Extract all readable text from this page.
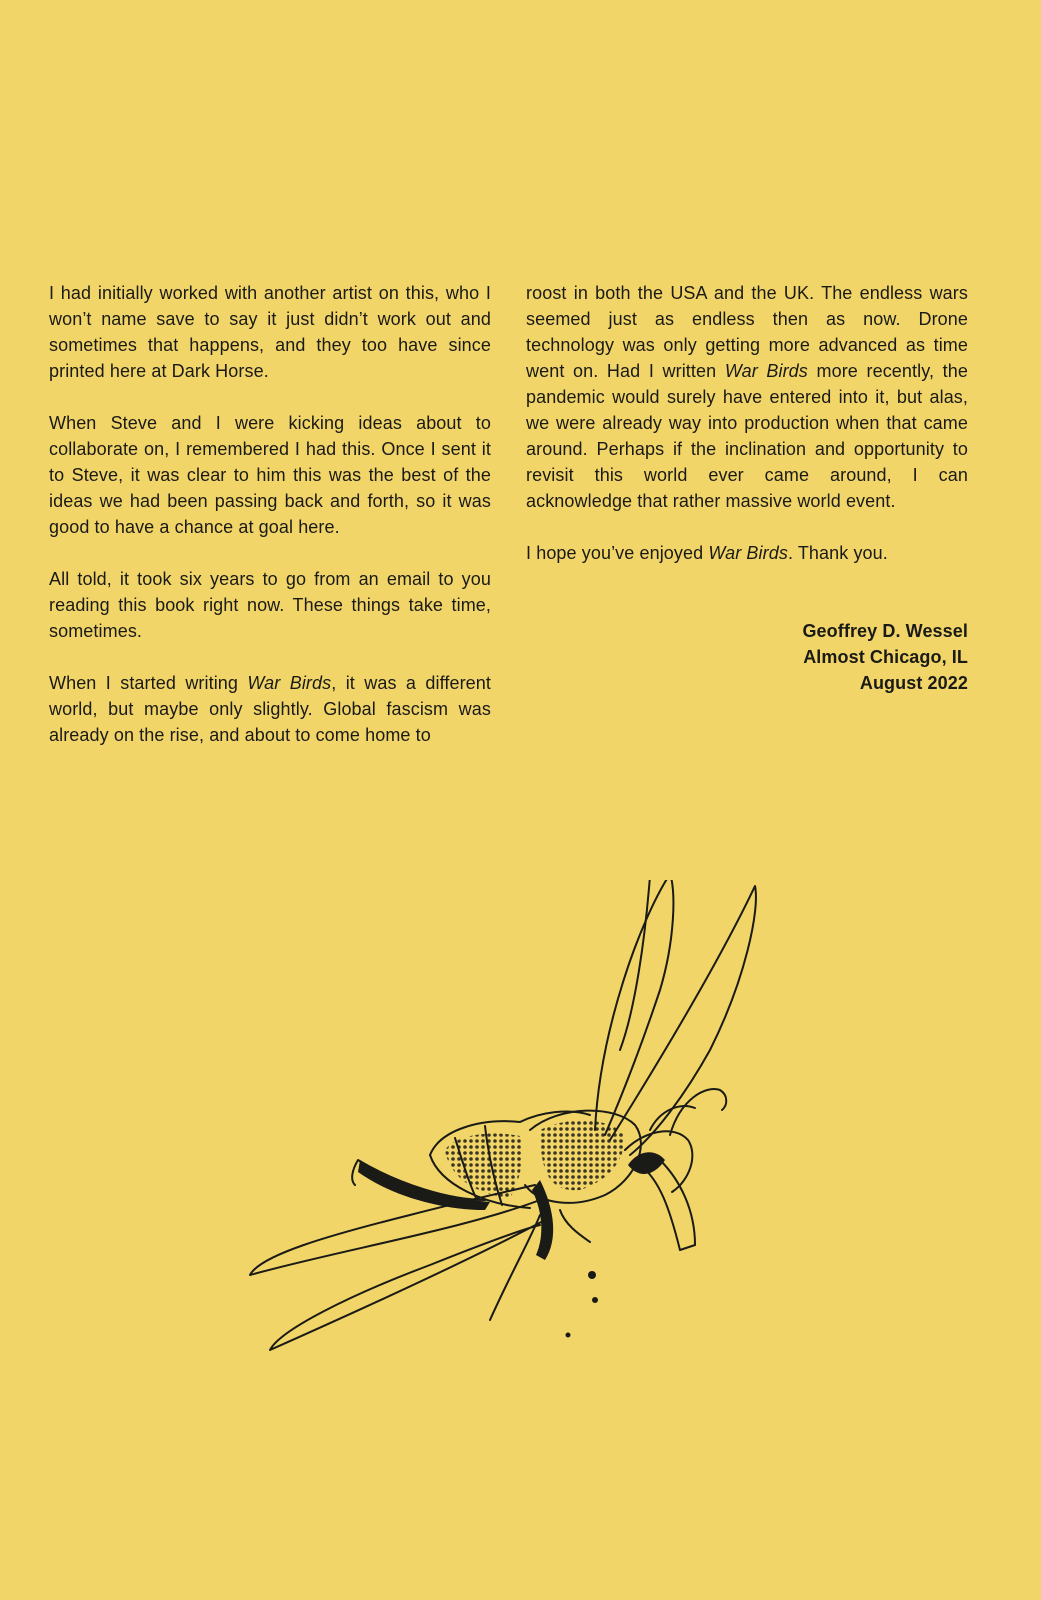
I had initially worked with another artist on this, who I won’t name save to say it just didn’t work out and sometimes that happens, and they too have since printed here at Dark Horse.

When Steve and I were kicking ideas about to collaborate on, I remembered I had this. Once I sent it to Steve, it was clear to him this was the best of the ideas we had been passing back and forth, so it was good to have a chance at goal here.

All told, it took six years to go from an email to you reading this book right now. These things take time, sometimes.

When I started writing War Birds, it was a different world, but maybe only slightly. Global fascism was already on the rise, and about to come home to

roost in both the USA and the UK. The endless wars seemed just as endless then as now. Drone technology was only getting more advanced as time went on. Had I written War Birds more recently, the pandemic would surely have entered into it, but alas, we were already way into production when that came around. Perhaps if the inclination and opportunity to revisit this world ever came around, I can acknowledge that rather massive world event.

I hope you’ve enjoyed War Birds. Thank you.

Geoffrey D. Wessel
Almost Chicago, IL
August 2022
